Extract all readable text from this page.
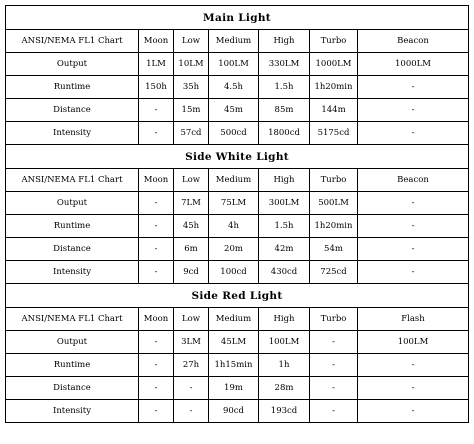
Main Light						
ANSI/NEMA FL1 Chart	Moon	Low	Medium	High	Turbo	Beacon
Output	1LM	10LM	100LM	330LM	1000LM	1000LM
Runtime	150h	35h	4.5h	1.5h	1h20min	-
Distance	-	15m	45m	85m	144m	-
Intensity	-	57cd	500cd	1800cd	5175cd	-
Side White Light						
ANSI/NEMA FL1 Chart	Moon	Low	Medium	High	Turbo	Beacon
Output	-	7LM	75LM	300LM	500LM	-
Runtime	-	45h	4h	1.5h	1h20min	-
Distance	-	6m	20m	42m	54m	-
Intensity	-	9cd	100cd	430cd	725cd	-
Side Red Light						
ANSI/NEMA FL1 Chart	Moon	Low	Medium	High	Turbo	Flash
Output	-	3LM	45LM	100LM	-	100LM
Runtime	-	27h	1h15min	1h	-	-
Distance	-	-	19m	28m	-	-
Intensity	-	-	90cd	193cd	-	-
